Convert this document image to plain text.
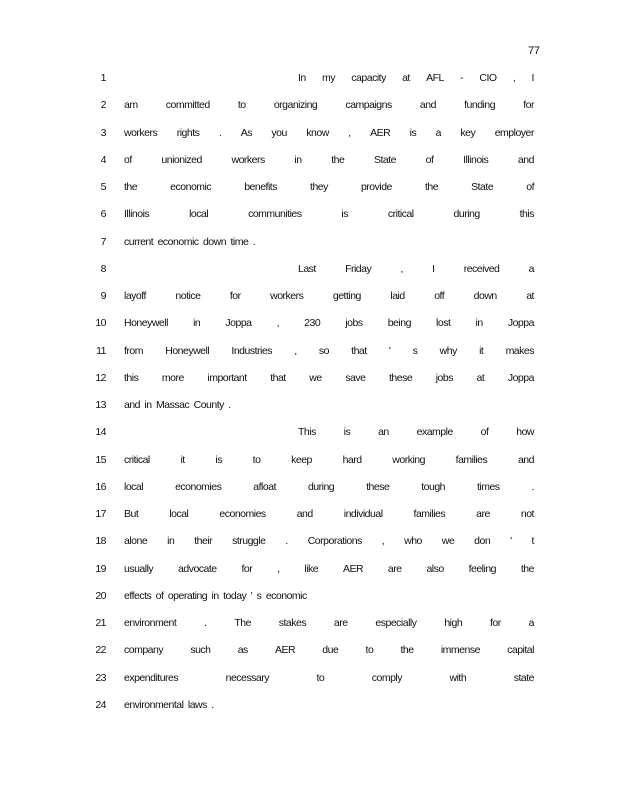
77
1	In my capacity at AFL - CIO , I
2 am	committed	to	organizing	campaigns	and	funding	for
3 workers rights . As you know , AER is a key employer
4 of	unionized	workers	in	the	State	of	Illinois	and
5 the	economic	benefits	they	provide	the	State	of
6 Illinois	local	communities	is	critical	during	this
7 current economic down time .
8	Last	Friday	,	I	received	a
9 layoff	notice	for	workers	getting	laid	off	down	at
10 Honeywell in Joppa , 230 jobs being lost in Joppa
11 from Honeywell Industries , so that ' s why it makes
12 this more important that we save these jobs at Joppa
13 and in Massac County .
14	This	is	an	example	of	how
15 critical	it	is	to	keep	hard	working	families	and
16 local	economies	afloat	during	these	tough	times	.
17 But	local	economies	and	individual	families	are	not
18 alone in their struggle . Corporations , who we don ' t
19 usually advocate for , like AER are also feeling the
20 effects of operating in today ' s economic
21 environment	.	The	stakes	are	especially	high	for	a
22 company	such	as	AER	due	to	the	immense	capital
23 expenditures	necessary	to	comply	with	state
24 environmental laws .
